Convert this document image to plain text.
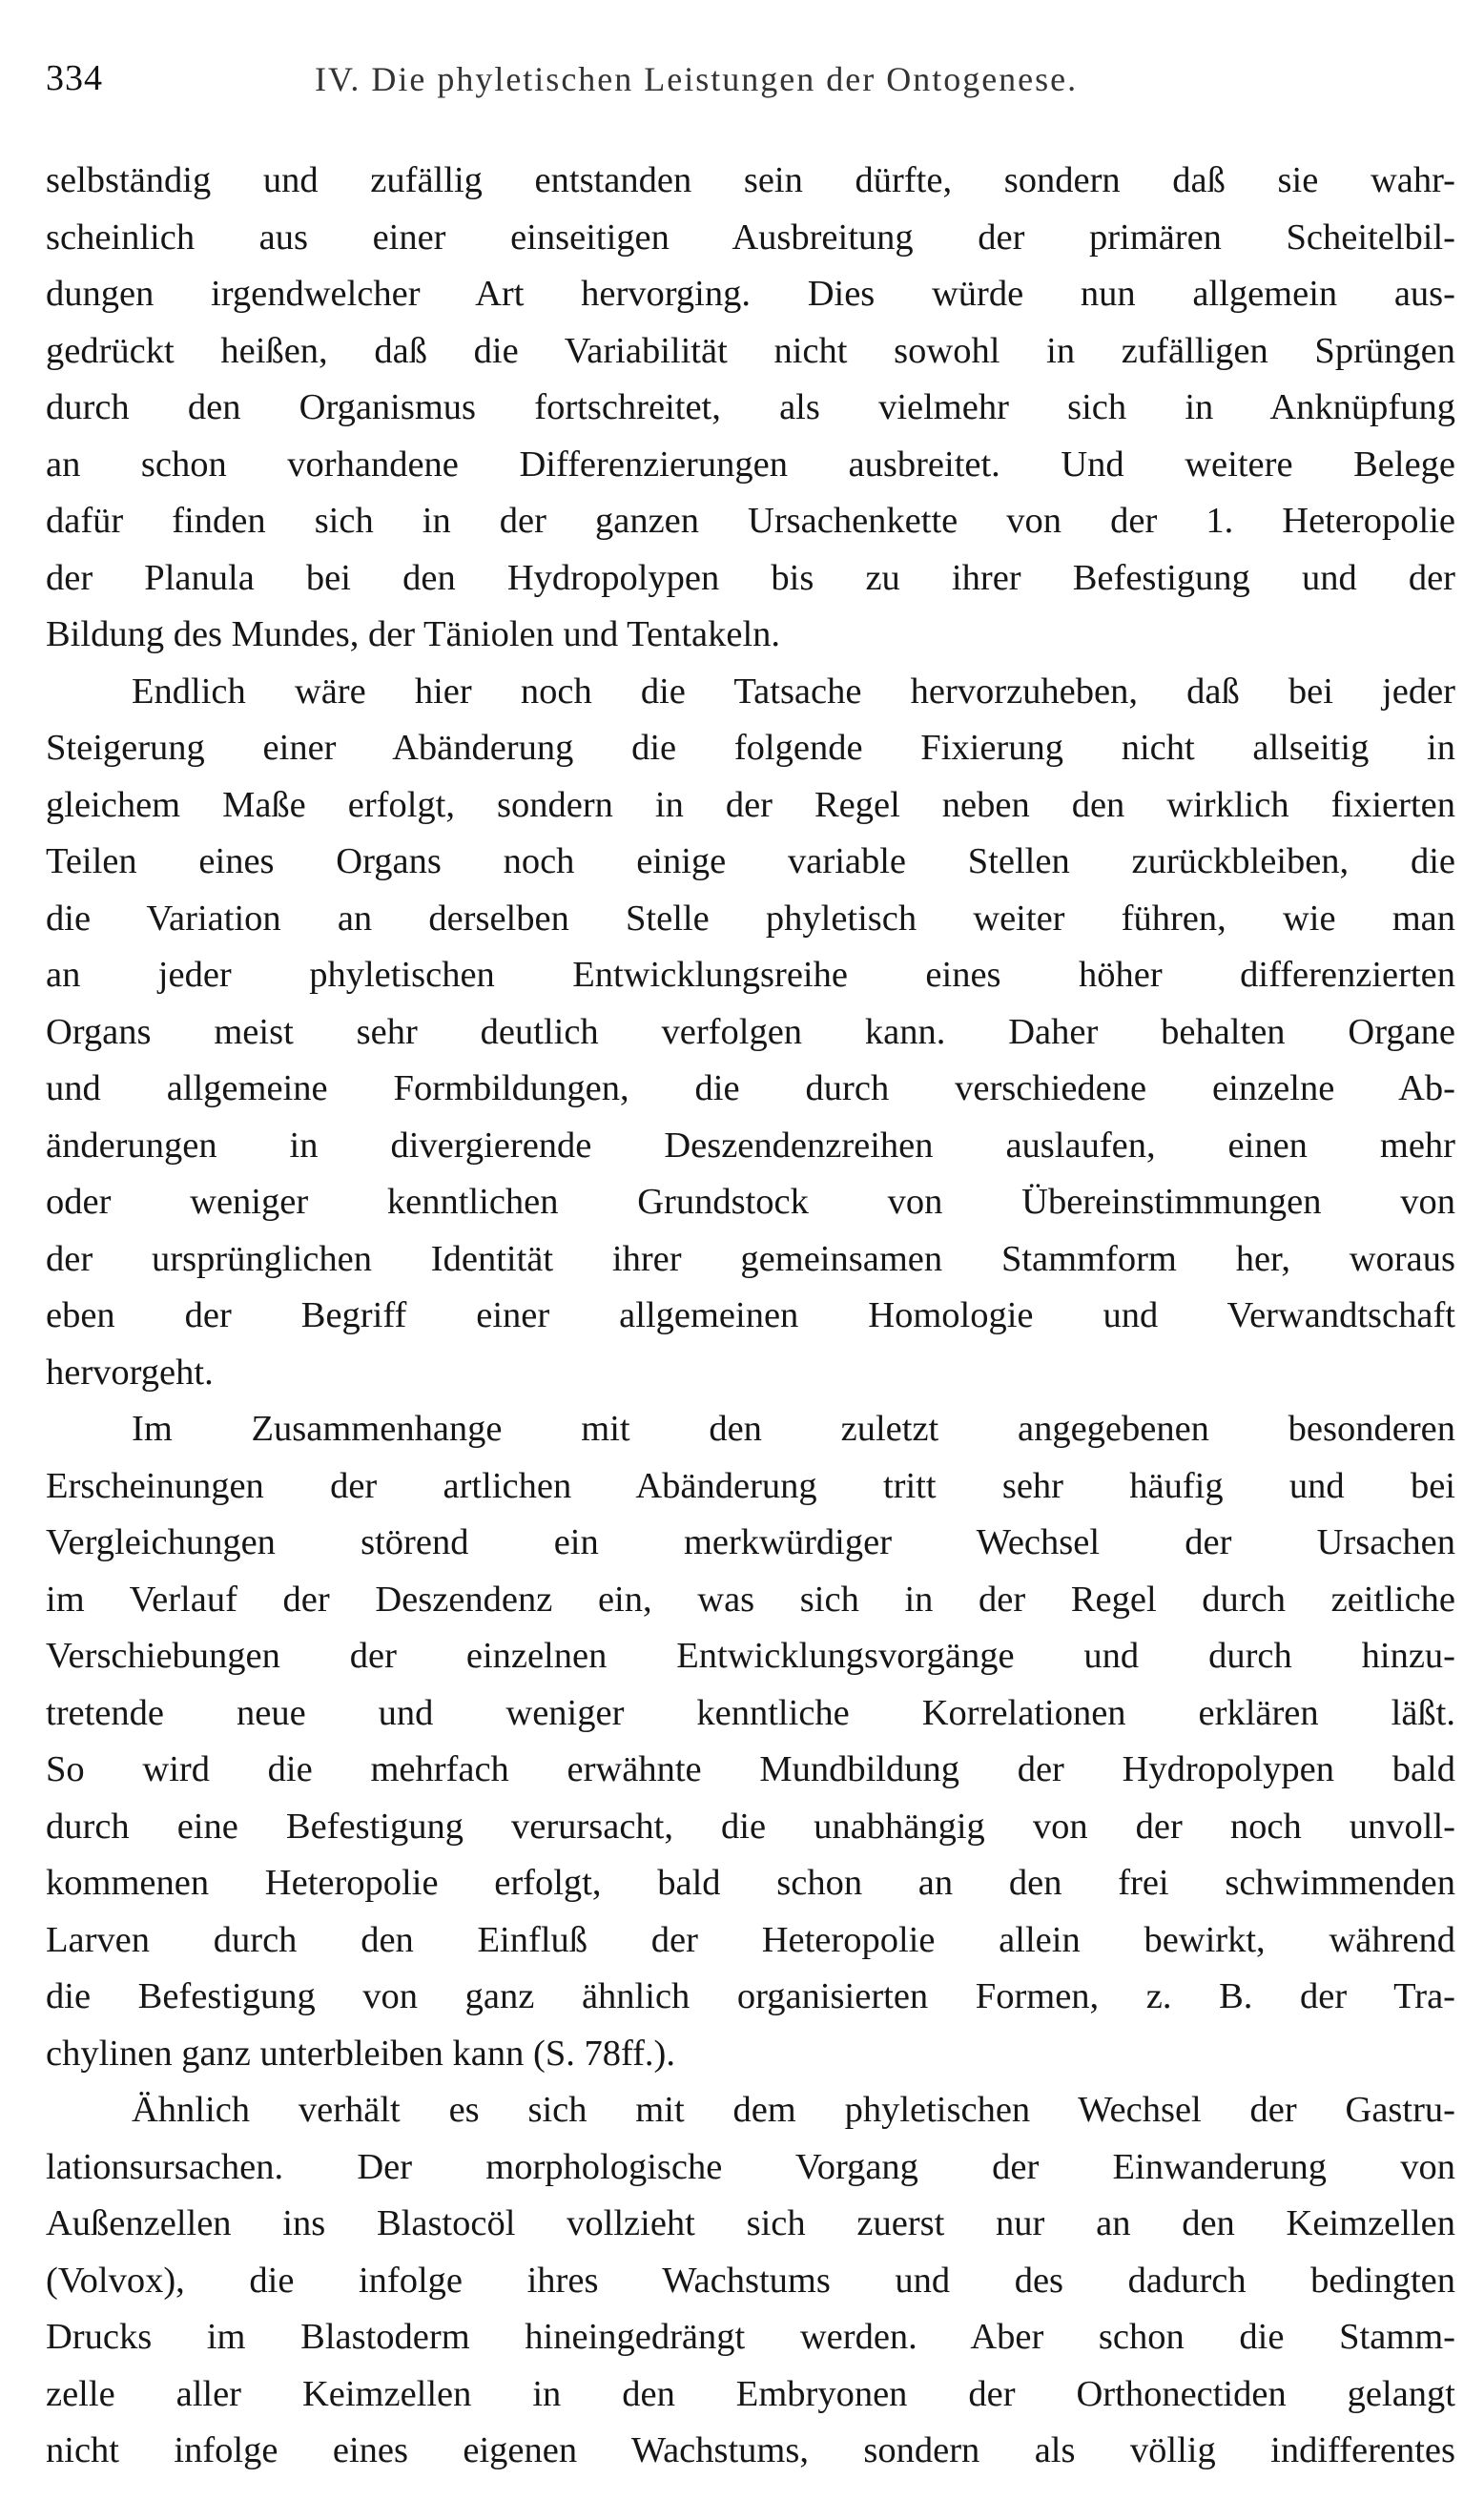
334	IV. Die phyletischen Leistungen der Ontogenese.
selbständig und zufällig entstanden sein dürfte, sondern daß sie wahr-
scheinlich aus einer einseitigen Ausbreitung der primären Scheitelbil-
dungen irgendwelcher Art hervorging. Dies würde nun allgemein aus-
gedrückt heißen, daß die Variabilität nicht sowohl in zufälligen Sprüngen
durch den Organismus fortschreitet, als vielmehr sich in Anknüpfung
an schon vorhandene Differenzierungen ausbreitet. Und weitere Belege
dafür finden sich in der ganzen Ursachenkette von der 1. Heteropolie
der Planula bei den Hydropolypen bis zu ihrer Befestigung und der
Bildung des Mundes, der Täniolen und Tentakeln.
Endlich wäre hier noch die Tatsache hervorzuheben, daß bei jeder
Steigerung einer Abänderung die folgende Fixierung nicht allseitig in
gleichem Maße erfolgt, sondern in der Regel neben den wirklich fixierten
Teilen eines Organs noch einige variable Stellen zurückbleiben, die
die Variation an derselben Stelle phyletisch weiter führen, wie man
an jeder phyletischen Entwicklungsreihe eines höher differenzierten
Organs meist sehr deutlich verfolgen kann. Daher behalten Organe
und allgemeine Formbildungen, die durch verschiedene einzelne Ab-
änderungen in divergierende Deszendenzreihen auslaufen, einen mehr
oder weniger kenntlichen Grundstock von Übereinstimmungen von
der ursprünglichen Identität ihrer gemeinsamen Stammform her, woraus
eben der Begriff einer allgemeinen Homologie und Verwandtschaft
hervorgeht.
Im Zusammenhange mit den zuletzt angegebenen besonderen
Erscheinungen der artlichen Abänderung tritt sehr häufig und bei
Vergleichungen störend ein merkwürdiger Wechsel der Ursachen
im Verlauf der Deszendenz ein, was sich in der Regel durch zeitliche
Verschiebungen der einzelnen Entwicklungsvorgänge und durch hinzu-
tretende neue und weniger kenntliche Korrelationen erklären läßt.
So wird die mehrfach erwähnte Mundbildung der Hydropolypen bald
durch eine Befestigung verursacht, die unabhängig von der noch unvoll-
kommenen Heteropolie erfolgt, bald schon an den frei schwimmenden
Larven durch den Einfluß der Heteropolie allein bewirkt, während
die Befestigung von ganz ähnlich organisierten Formen, z. B. der Tra-
chylinen ganz unterbleiben kann (S. 78ff.).
Ähnlich verhält es sich mit dem phyletischen Wechsel der Gastru-
lationsursachen. Der morphologische Vorgang der Einwanderung von
Außenzellen ins Blastocöl vollzieht sich zuerst nur an den Keimzellen
(Volvox), die infolge ihres Wachstums und des dadurch bedingten
Drucks im Blastoderm hineingedrängt werden. Aber schon die Stamm-
zelle aller Keimzellen in den Embryonen der Orthonectiden gelangt
nicht infolge eines eigenen Wachstums, sondern als völlig indifferentes
